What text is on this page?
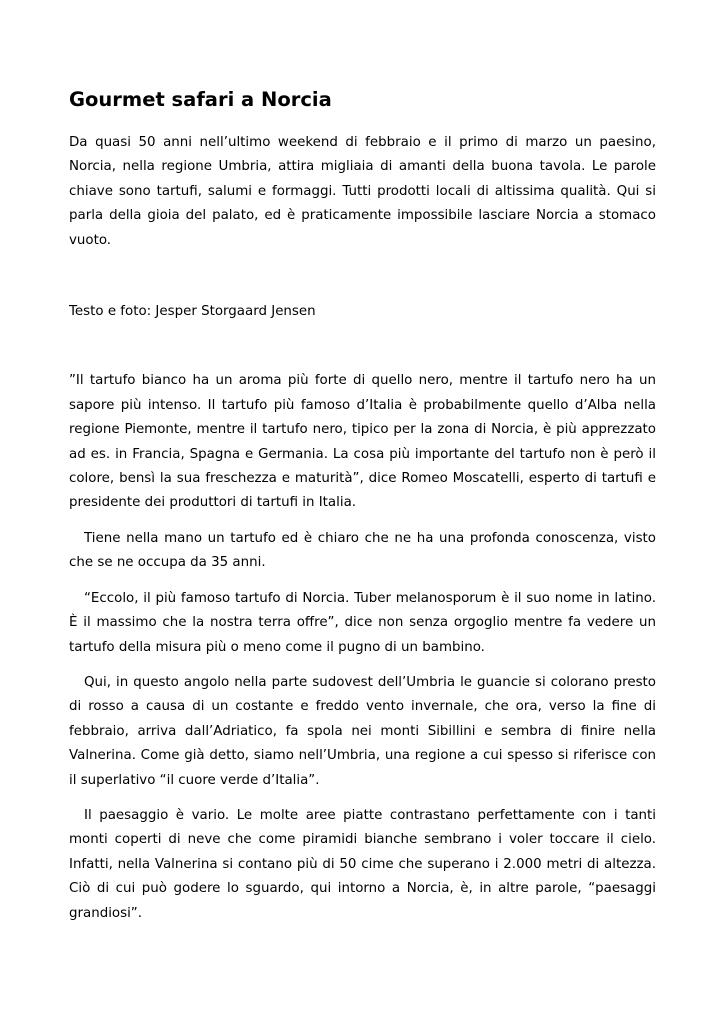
Gourmet safari a Norcia

Da quasi 50 anni nell’ultimo weekend di febbraio e il primo di marzo un paesino, Norcia, nella regione Umbria, attira migliaia di amanti della buona tavola. Le parole chiave sono tartufi, salumi e formaggi. Tutti prodotti locali di altissima qualità. Qui si parla della gioia del palato, ed è praticamente impossibile lasciare Norcia a stomaco vuoto.

Testo e foto: Jesper Storgaard Jensen

”Il tartufo bianco ha un aroma più forte di quello nero, mentre il tartufo nero ha un sapore più intenso. Il tartufo più famoso d’Italia è probabilmente quello d’Alba nella regione Piemonte, mentre il tartufo nero, tipico per la zona di Norcia, è più apprezzato ad es. in Francia, Spagna e Germania. La cosa più importante del tartufo non è però il colore, bensì la sua freschezza e maturità”, dice Romeo Moscatelli, esperto di tartufi e presidente dei produttori di tartufi in Italia.

Tiene nella mano un tartufo ed è chiaro che ne ha una profonda conoscenza, visto che se ne occupa da 35 anni.

“Eccolo, il più famoso tartufo di Norcia. Tuber melanosporum è il suo nome in latino. È il massimo che la nostra terra offre”, dice non senza orgoglio mentre fa vedere un tartufo della misura più o meno come il pugno di un bambino.

Qui, in questo angolo nella parte sudovest dell’Umbria le guancie si colorano presto di rosso a causa di un costante e freddo vento invernale, che ora, verso la fine di febbraio, arriva dall’Adriatico, fa spola nei monti Sibillini e sembra di finire nella Valnerina. Come già detto, siamo nell’Umbria, una regione a cui spesso si riferisce con il superlativo “il cuore verde d’Italia”.

Il paesaggio è vario. Le molte aree piatte contrastano perfettamente con i tanti monti coperti di neve che come piramidi bianche sembrano i voler toccare il cielo. Infatti, nella Valnerina si contano più di 50 cime che superano i 2.000 metri di altezza. Ciò di cui può godere lo sguardo, qui intorno a Norcia, è, in altre parole, “paesaggi grandiosi”.
